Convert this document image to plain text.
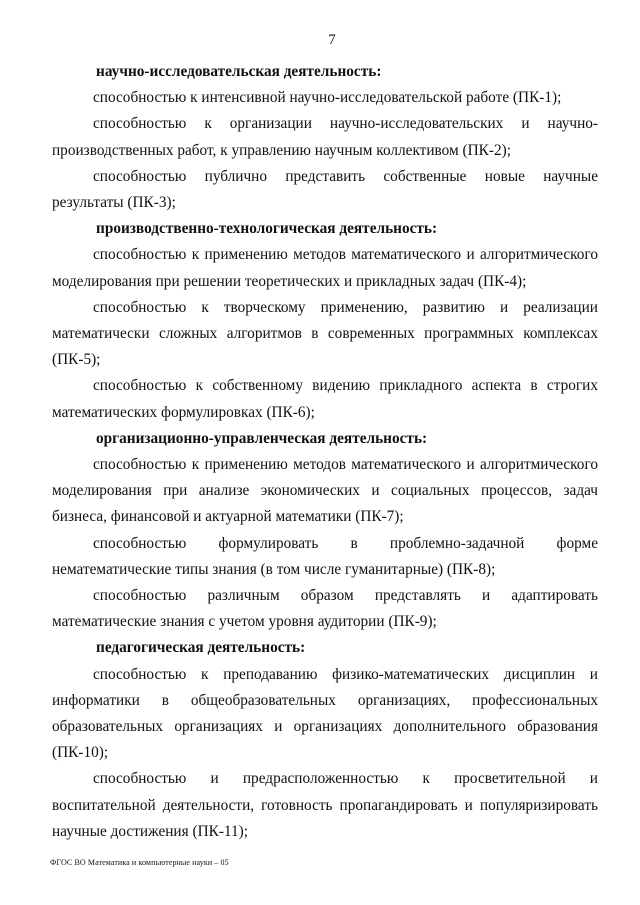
7

научно-исследовательская деятельность:

способностью к интенсивной научно-исследовательской работе (ПК-1);

способностью к организации научно-исследовательских и научно-производственных работ, к управлению научным коллективом (ПК-2);

способностью публично представить собственные новые научные результаты (ПК-3);

производственно-технологическая деятельность:

способностью к применению методов математического и алгоритмического моделирования при решении теоретических и прикладных задач (ПК-4);

способностью к творческому применению, развитию и реализации математически сложных алгоритмов в современных программных комплексах (ПК-5);

способностью к собственному видению прикладного аспекта в строгих математических формулировках (ПК-6);

организационно-управленческая деятельность:

способностью к применению методов математического и алгоритмического моделирования при анализе экономических и социальных процессов, задач бизнеса, финансовой и актуарной математики (ПК-7);

способностью формулировать в проблемно-задачной форме нематематические типы знания (в том числе гуманитарные) (ПК-8);

способностью различным образом представлять и адаптировать математические знания с учетом уровня аудитории (ПК-9);

педагогическая деятельность:

способностью к преподаванию физико-математических дисциплин и информатики в общеобразовательных организациях, профессиональных образовательных организациях и организациях дополнительного образования (ПК-10);

способностью и предрасположенностью к просветительной и воспитательной деятельности, готовность пропагандировать и популяризировать научные достижения (ПК-11);

ФГОС ВО Математика и компьютерные науки – 05
